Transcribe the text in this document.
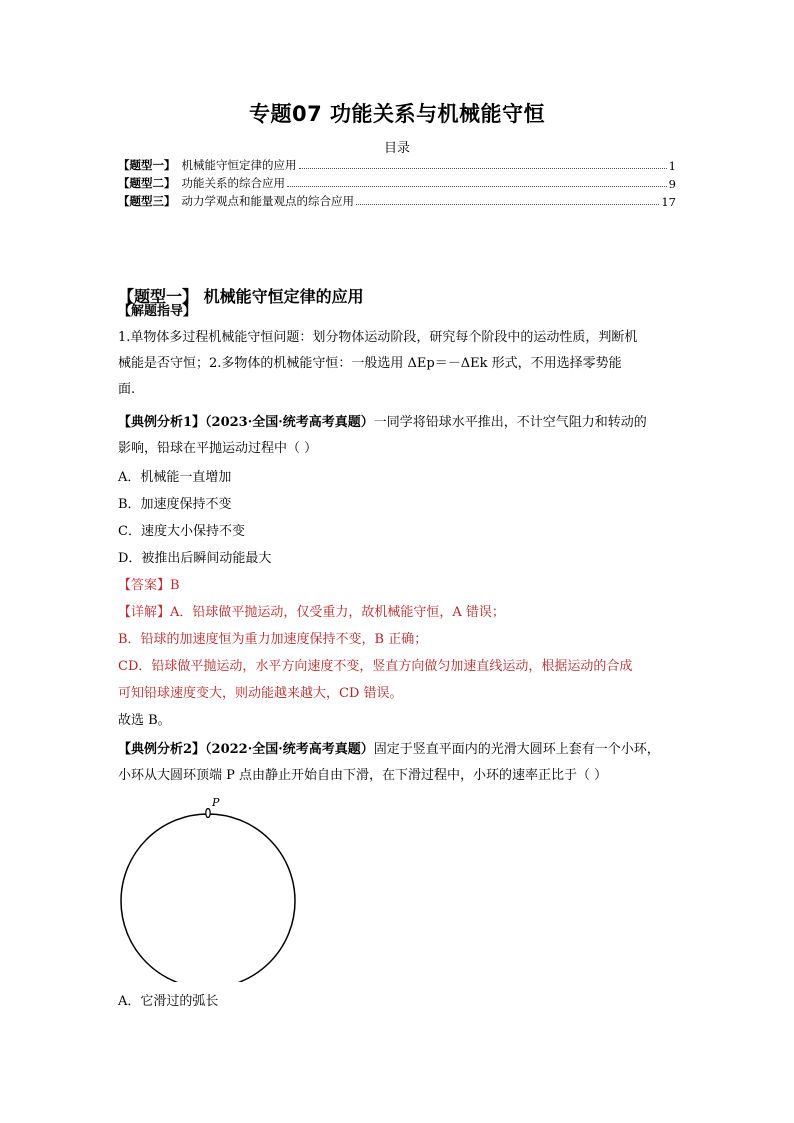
专题07 功能关系与机械能守恒
目录
【题型一】 机械能守恒定律的应用	1
【题型二】 功能关系的综合应用	9
【题型三】 动力学观点和能量观点的综合应用	17
【题型一】 机械能守恒定律的应用
【解题指导】
1.单物体多过程机械能守恒问题：划分物体运动阶段，研究每个阶段中的运动性质，判断机
械能是否守恒；2.多物体的机械能守恒：一般选用 ΔEp＝－ΔEk 形式，不用选择零势能
面.
【典例分析1】（2023·全国·统考高考真题）一同学将铅球水平推出，不计空气阻力和转动的
影响，铅球在平抛运动过程中（ ）
A．机械能一直增加
B．加速度保持不变
C．速度大小保持不变
D．被推出后瞬间动能最大
【答案】B
【详解】A．铅球做平抛运动，仅受重力，故机械能守恒，A 错误；
B．铅球的加速度恒为重力加速度保持不变，B 正确；
CD．铅球做平抛运动，水平方向速度不变，竖直方向做匀加速直线运动，根据运动的合成
可知铅球速度变大，则动能越来越大，CD 错误。
故选 B。
【典例分析2】（2022·全国·统考高考真题）固定于竖直平面内的光滑大圆环上套有一个小环，
小环从大圆环顶端 P 点由静止开始自由下滑，在下滑过程中，小环的速率正比于（ ）
P
A．它滑过的弧长
